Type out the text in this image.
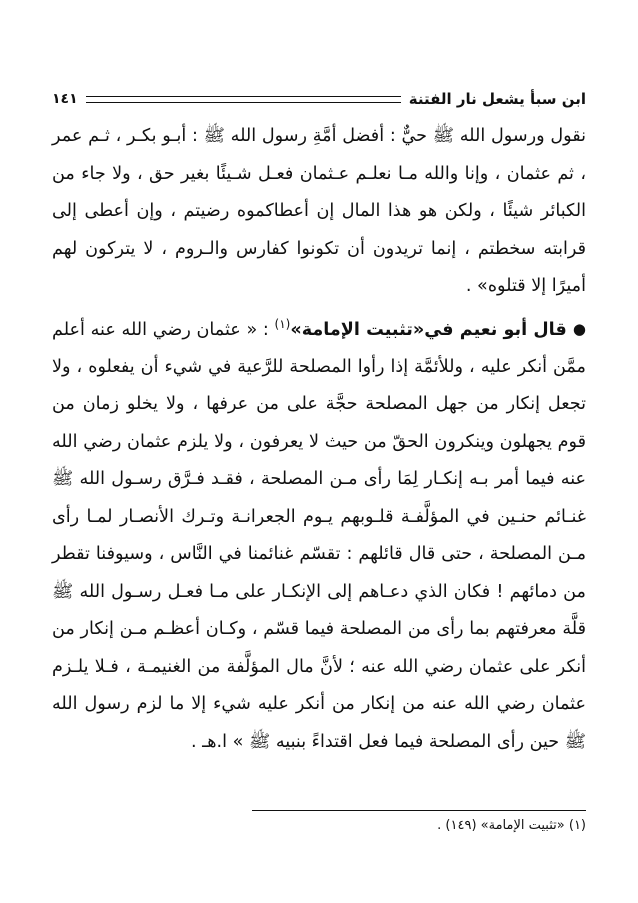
ابن سبأ يشعل نار الفتنة
١٤١

نقول ورسول الله ﷺ حيٌّ : أفضل أمَّةِ رسول الله ﷺ : أبـو بكـر ، ثـم عمر ، ثم عثمان ، وإنا والله مـا نعلـم عـثمان فعـل شـيئًا بغير حق ، ولا جاء من الكبائر شيئًا ، ولكن هو هذا المال إن أعطاكموه رضيتم ، وإن أعطى إلى قرابته سخطتم ، إنما تريدون أن تكونوا كفارس والـروم ، لا يتركون لهم أميرًا إلا قتلوه» .

●قال أبو نعيم في«تثبيت الإمامة»$^{(١)}$ : « عثمان رضي الله عنه أعلم ممَّن أنكر عليه ، وللأئمَّة إذا رأوا المصلحة للرَّعية في شيء أن يفعلوه ، ولا تجعل إنكار من جهل المصلحة حجَّة على من عرفها ، ولا يخلو زمان من قوم يجهلون وينكرون الحقّ من حيث لا يعرفون ، ولا يلزم عثمان رضي الله عنه فيما أمر بـه إنكـار لِمَا رأى مـن المصلحة ، فقـد فـرَّق رسـول الله ﷺ غنـائم حنـين في المؤلَّفـة قلـوبهم يـوم الجعرانـة وتـرك الأنصـار لمـا رأى مـن المصلحة ، حتى قال قائلهم : تقسّم غنائمنا في النَّاس ، وسيوفنا تقطر من دمائهم ! فكان الذي دعـاهم إلى الإنكـار على مـا فعـل رسـول الله ﷺ قلَّة معرفتهم بما رأى من المصلحة فيما قسّم ، وكـان أعظـم مـن إنكار من أنكر على عثمان رضي الله عنه ؛ لأنَّ مال المؤلَّفة من الغنيمـة ، فـلا يلـزم عثمان رضي الله عنه من إنكار من أنكر عليه شيء إلا ما لزم رسول الله ﷺ حين رأى المصلحة فيما فعل اقتداءً بنبيه ﷺ » ا.هـ .

(١) «تثبيت الإمامة» (١٤٩) .
